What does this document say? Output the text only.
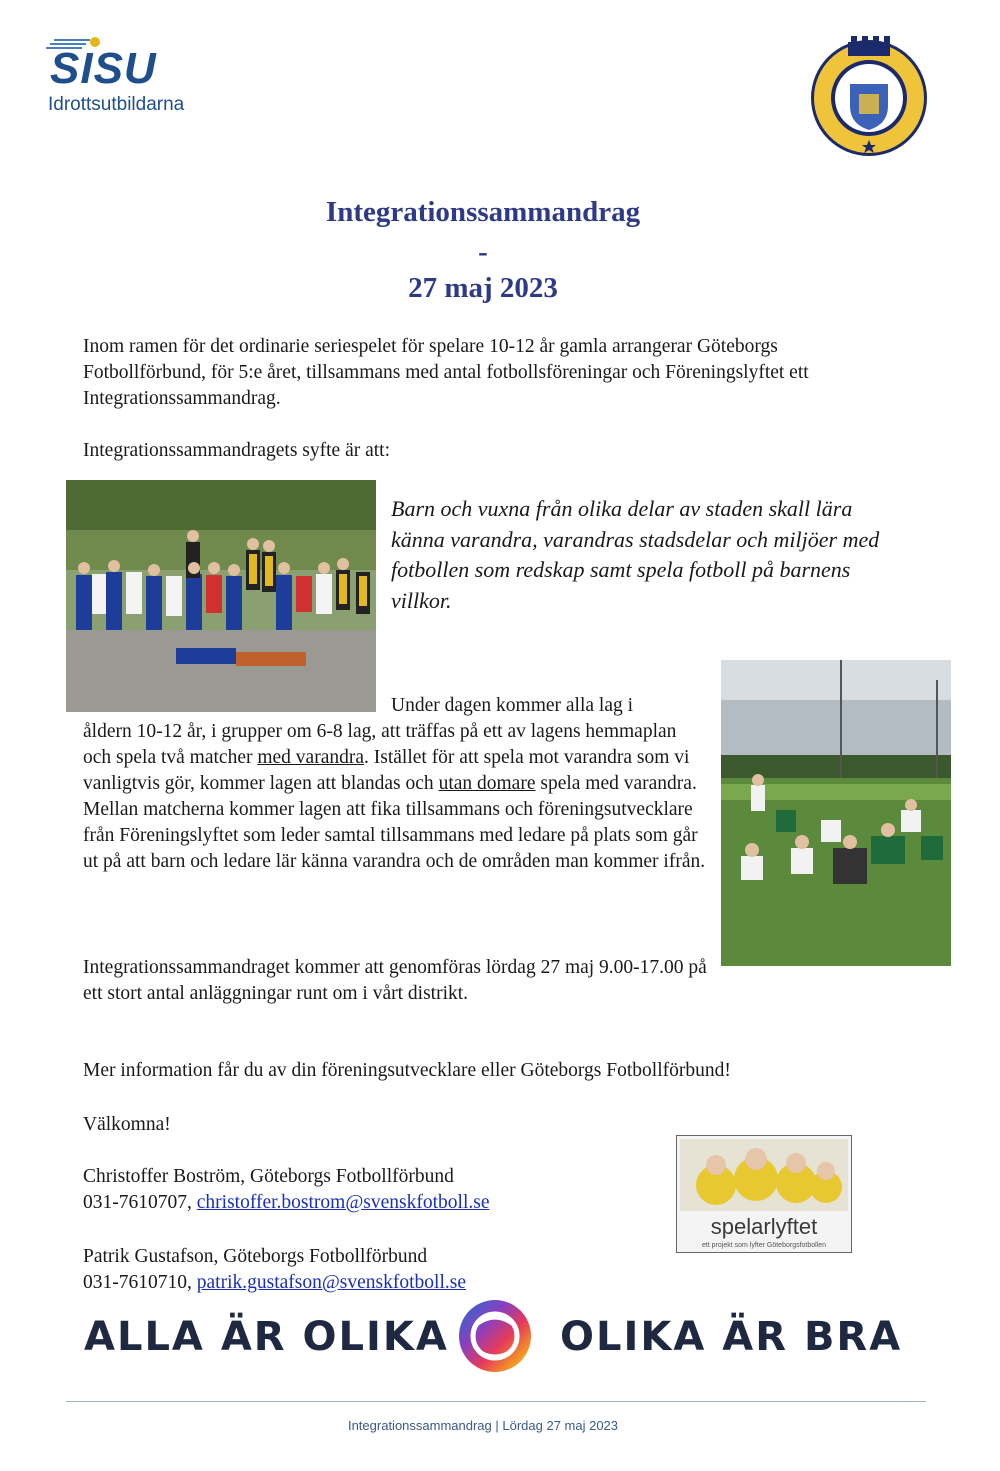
SISU
Idrottsutbildarna
Integrationssammandrag
-
27 maj 2023
Inom ramen för det ordinarie seriespelet för spelare 10-12 år gamla arrangerar Göteborgs Fotbollförbund, för 5:e året, tillsammans med antal fotbollsföreningar och Föreningslyftet ett Integrationssammandrag.
Integrationssammandragets syfte är att:
Barn och vuxna från olika delar av staden skall lära känna varandra, varandras stadsdelar och miljöer med fotbollen som redskap samt spela fotboll på barnens villkor.
Under dagen kommer alla lag i
åldern 10-12 år, i grupper om 6-8 lag, att träffas på ett av lagens hemmaplan och spela två matcher med varandra. Istället för att spela mot varandra som vi vanligtvis gör, kommer lagen att blandas och utan domare spela med varandra. Mellan matcherna kommer lagen att fika tillsammans och föreningsutvecklare från Föreningslyftet som leder samtal tillsammans med ledare på plats som går ut på att barn och ledare lär känna varandra och de områden man kommer ifrån.
Integrationssammandraget kommer att genomföras lördag 27 maj 9.00-17.00 på ett stort antal anläggningar runt om i vårt distrikt.
Mer information får du av din föreningsutvecklare eller Göteborgs Fotbollförbund!
Välkomna!
Christoffer Boström, Göteborgs Fotbollförbund
031-7610707, christoffer.bostrom@svenskfotboll.se
Patrik Gustafson, Göteborgs Fotbollförbund
031-7610710, patrik.gustafson@svenskfotboll.se
spelarlyftet
ett projekt som lyfter Göteborgsfotbollen
ALLA ÄR OLIKA	OLIKA ÄR BRA
Integrationssammandrag | Lördag 27 maj 2023
